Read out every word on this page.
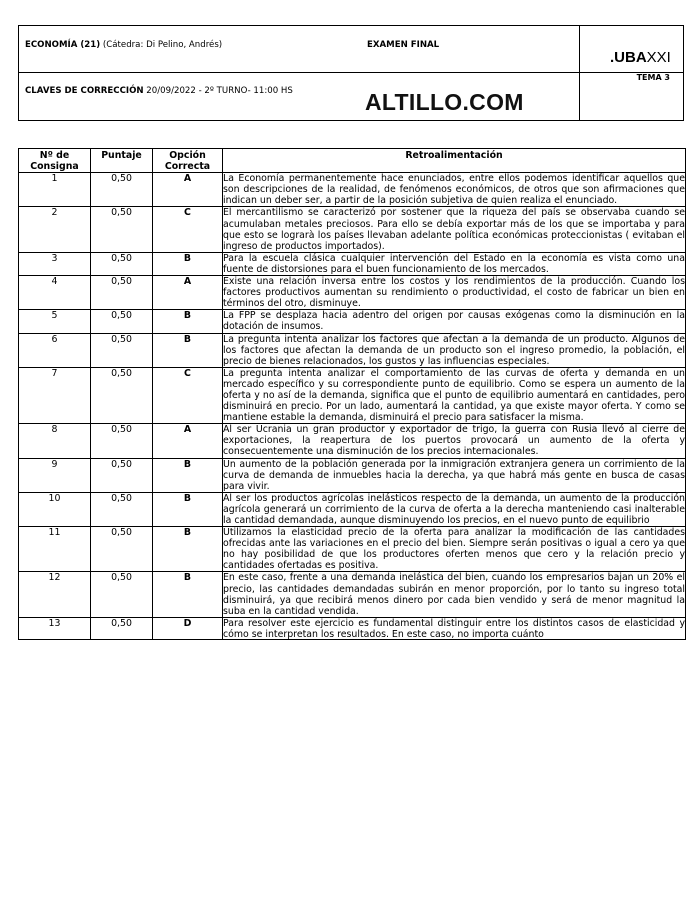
ECONOMÍA (21) (Cátedra: Di Pelino, Andrés)	EXAMEN FINAL
CLAVES DE CORRECCIÓN 20/09/2022 - 2º TURNO- 11:00 HS	ALTILLO.COM
.UBAXXI
TEMA 3
Nº de Consigna	Puntaje	Opción Correcta	Retroalimentación
1	0,50	A	La Economía permanentemente hace enunciados, entre ellos podemos identificar aquellos que son descripciones de la realidad, de fenómenos económicos, de otros que son afirmaciones que indican un deber ser, a partir de la posición subjetiva de quien realiza el enunciado.
2	0,50	C	El mercantilismo se caracterizó por sostener que la riqueza del país se observaba cuando se acumulaban metales preciosos. Para ello se debía exportar más de los que se importaba y para que esto se lograrà los países llevaban adelante política económicas proteccionistas ( evitaban el ingreso de productos importados).
3	0,50	B	Para la escuela clásica cualquier intervención del Estado en la economía es vista como una fuente de distorsiones para el buen funcionamiento de los mercados.
4	0,50	A	Existe una relación inversa entre los costos y los rendimientos de la producción. Cuando los factores productivos aumentan su rendimiento o productividad, el costo de fabricar un bien en términos del otro, disminuye.
5	0,50	B	La FPP se desplaza hacia adentro del origen por causas exógenas como la disminución en la dotación de insumos.
6	0,50	B	La pregunta intenta analizar los factores que afectan a la demanda de un producto. Algunos de los factores que afectan la demanda de un producto son el ingreso promedio, la población, el precio de bienes relacionados, los gustos y las influencias especiales.
7	0,50	C	La pregunta intenta analizar el comportamiento de las curvas de oferta y demanda en un mercado específico y su correspondiente punto de equilibrio. Como se espera un aumento de la oferta y no así de la demanda, significa que el punto de equilibrio aumentará en cantidades, pero disminuirá en precio. Por un lado, aumentará la cantidad, ya que existe mayor oferta. Y como se mantiene estable la demanda, disminuirá el precio para satisfacer la misma.
8	0,50	A	Al ser Ucrania un gran productor y exportador de trigo, la guerra con Rusia llevó al cierre de exportaciones, la reapertura de los puertos provocará un aumento de la oferta y consecuentemente una disminución de los precios internacionales.
9	0,50	B	Un aumento de la población generada por la inmigración extranjera genera un corrimiento de la curva de demanda de inmuebles hacia la derecha, ya que habrá más gente en busca de casas para vivir.
10	0,50	B	Al ser los productos agrícolas inelásticos respecto de la demanda, un aumento de la producción agrícola generará un corrimiento de la curva de oferta a la derecha manteniendo casi inalterable la cantidad demandada, aunque disminuyendo los precios, en el nuevo punto de equilibrio
11	0,50	B	Utilizamos la elasticidad precio de la oferta para analizar la modificación de las cantidades ofrecidas ante las variaciones en el precio del bien. Siempre serán positivas o igual a cero ya que no hay posibilidad de que los productores oferten menos que cero y la relación precio y cantidades ofertadas es positiva.
12	0,50	B	En este caso, frente a una demanda inelástica del bien, cuando los empresarios bajan un 20% el precio, las cantidades demandadas subirán en menor proporción, por lo tanto su ingreso total disminuirá, ya que recibirá menos dinero por cada bien vendido y será de menor magnitud la suba en la cantidad vendida.
13	0,50	D	Para resolver este ejercicio es fundamental distinguir entre los distintos casos de elasticidad y cómo se interpretan los resultados. En este caso, no importa cuánto
